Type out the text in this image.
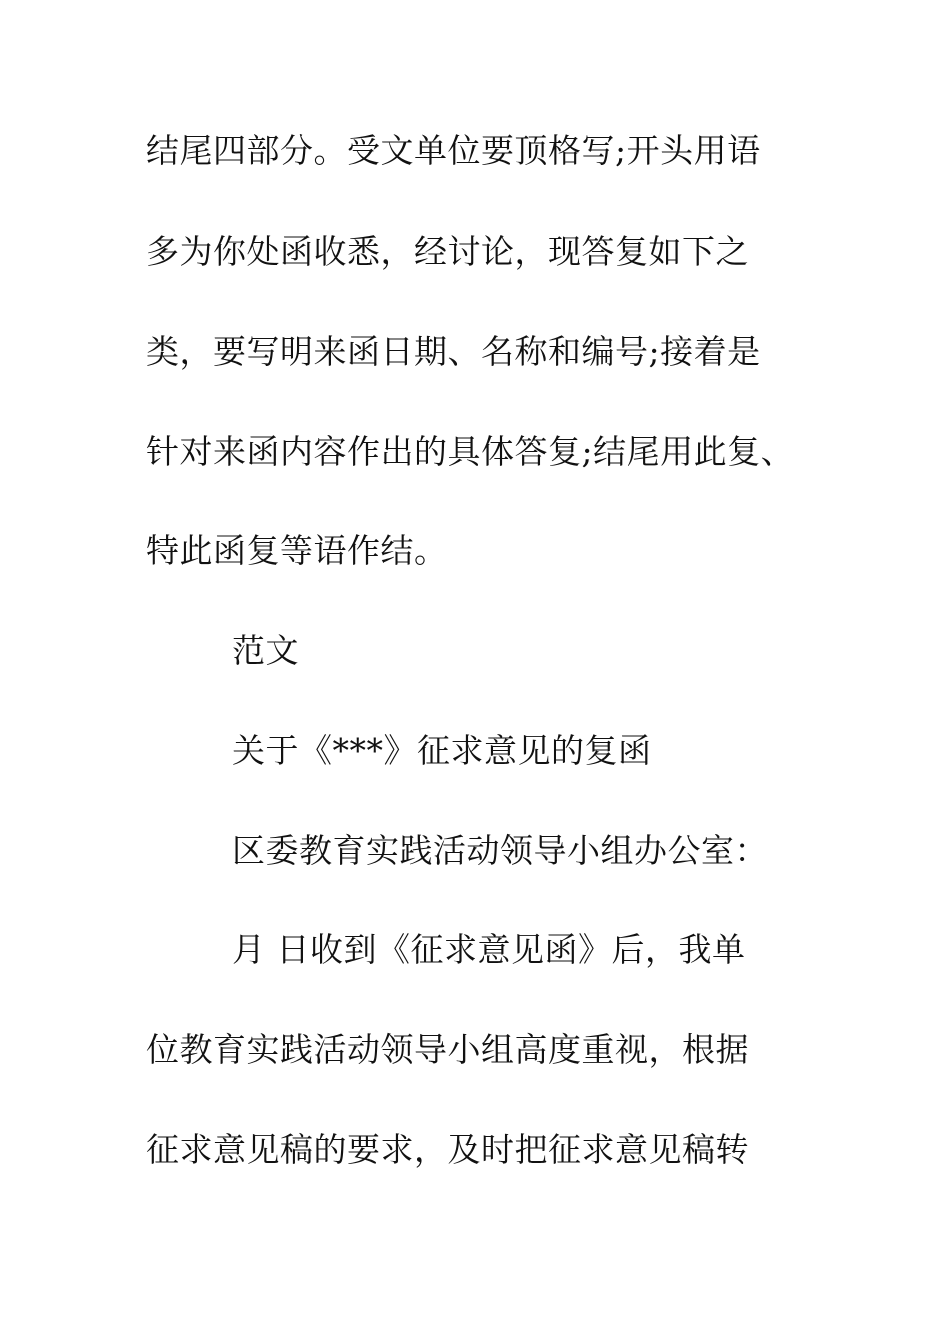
结尾四部分。受文单位要顶格写;开头用语
多为你处函收悉，经讨论，现答复如下之
类，要写明来函日期、名称和编号;接着是
针对来函内容作出的具体答复;结尾用此复、
特此函复等语作结。
范文
关于《***》征求意见的复函
区委教育实践活动领导小组办公室：
月 日收到《征求意见函》后，我单
位教育实践活动领导小组高度重视，根据
征求意见稿的要求，及时把征求意见稿转
